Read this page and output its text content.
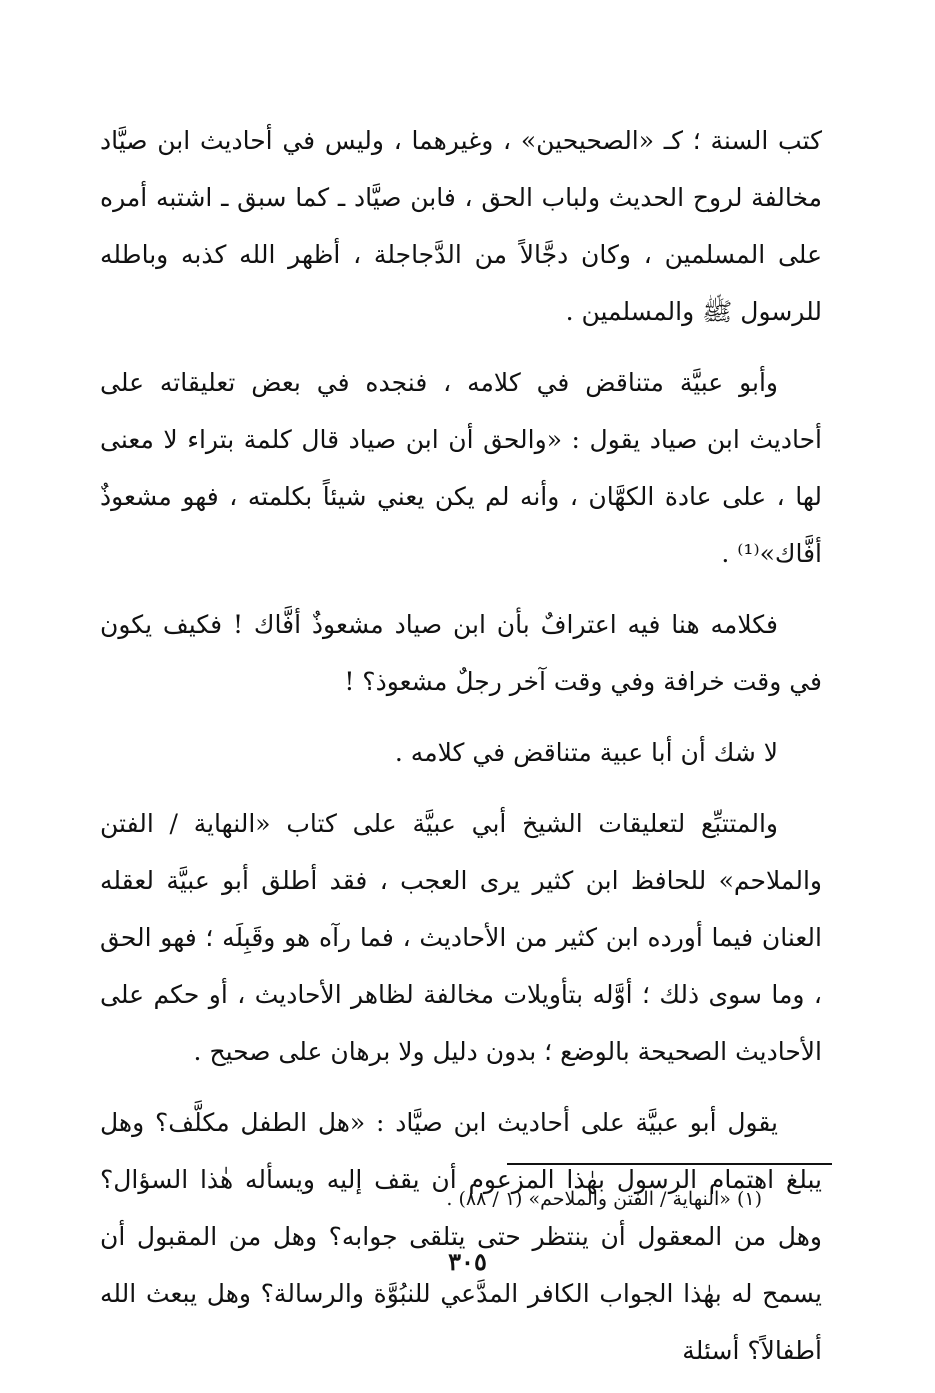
كتب السنة ؛ كـ «الصحيحين» ، وغيرهما ، وليس في أحاديث ابن صيَّاد مخالفة لروح الحديث ولباب الحق ، فابن صيَّاد ـ كما سبق ـ اشتبه أمره على المسلمين ، وكان دجَّالاً من الدَّجاجلة ، أظهر الله كذبه وباطله للرسول ﷺ والمسلمين .

وأبو عبيَّة متناقض في كلامه ، فنجده في بعض تعليقاته على أحاديث ابن صياد يقول : «والحق أن ابن صياد قال كلمة بتراء لا معنى لها ، على عادة الكهَّان ، وأنه لم يكن يعني شيئاً بكلمته ، فهو مشعوذٌ أفَّاك»⁽¹⁾ .

فكلامه هنا فيه اعترافٌ بأن ابن صياد مشعوذٌ أفَّاك ! فكيف يكون في وقت خرافة وفي وقت آخر رجلٌ مشعوذ؟ !

لا شك أن أبا عبية متناقض في كلامه .

والمتتبِّع لتعليقات الشيخ أبي عبيَّة على كتاب «النهاية / الفتن والملاحم» للحافظ ابن كثير يرى العجب ، فقد أطلق أبو عبيَّة لعقله العنان فيما أورده ابن كثير من الأحاديث ، فما رآه هو وقَبِلَه ؛ فهو الحق ، وما سوى ذلك ؛ أوَّله بتأويلات مخالفة لظاهر الأحاديث ، أو حكم على الأحاديث الصحيحة بالوضع ؛ بدون دليل ولا برهان على صحيح .

يقول أبو عبيَّة على أحاديث ابن صيَّاد : «هل الطفل مكلَّف؟ وهل يبلغ اهتمام الرسول بهٰذا المزعوم أن يقف إليه ويسأله هٰذا السؤال؟ وهل من المعقول أن ينتظر حتى يتلقى جوابه؟ وهل من المقبول أن يسمح له بهٰذا الجواب الكافر المدَّعي للنبُوَّة والرسالة؟ وهل يبعث الله أطفالاً؟ أسئلة

(١) «النهاية / الفتن والملاحم» (١ / ٨٨) .
٣٠٥
